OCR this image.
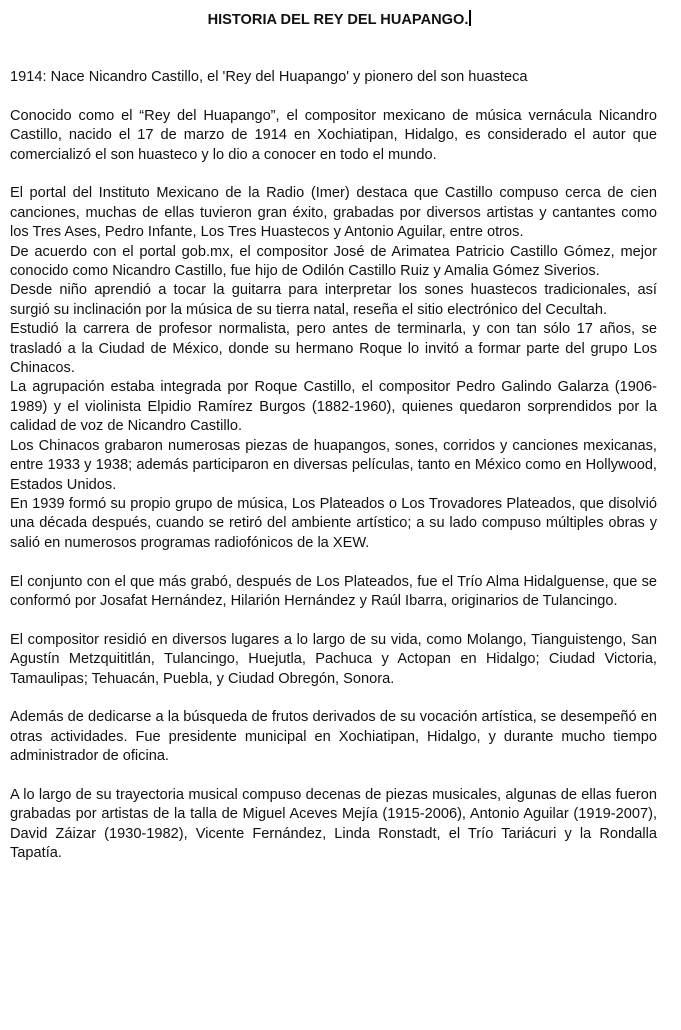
HISTORIA DEL REY DEL HUAPANGO.

1914: Nace Nicandro Castillo, el 'Rey del Huapango' y pionero del son huasteca

Conocido como el “Rey del Huapango”, el compositor mexicano de música vernácula Nicandro Castillo, nacido el 17 de marzo de 1914 en Xochiatipan, Hidalgo, es considerado el autor que comercializó el son huasteco y lo dio a conocer en todo el mundo.

El portal del Instituto Mexicano de la Radio (Imer) destaca que Castillo compuso cerca de cien canciones, muchas de ellas tuvieron gran éxito, grabadas por diversos artistas y cantantes como los Tres Ases, Pedro Infante, Los Tres Huastecos y Antonio Aguilar, entre otros.

De acuerdo con el portal gob.mx, el compositor José de Arimatea Patricio Castillo Gómez, mejor conocido como Nicandro Castillo, fue hijo de Odilón Castillo Ruiz y Amalia Gómez Siverios.

Desde niño aprendió a tocar la guitarra para interpretar los sones huastecos tradicionales, así surgió su inclinación por la música de su tierra natal, reseña el sitio electrónico del Cecultah.

Estudió la carrera de profesor normalista, pero antes de terminarla, y con tan sólo 17 años, se trasladó a la Ciudad de México, donde su hermano Roque lo invitó a formar parte del grupo Los Chinacos.

La agrupación estaba integrada por Roque Castillo, el compositor Pedro Galindo Galarza (1906-1989) y el violinista Elpidio Ramírez Burgos (1882-1960), quienes quedaron sorprendidos por la calidad de voz de Nicandro Castillo.

Los Chinacos grabaron numerosas piezas de huapangos, sones, corridos y canciones mexicanas, entre 1933 y 1938; además participaron en diversas películas, tanto en México como en Hollywood, Estados Unidos.

En 1939 formó su propio grupo de música, Los Plateados o Los Trovadores Plateados, que disolvió una década después, cuando se retiró del ambiente artístico; a su lado compuso múltiples obras y salió en numerosos programas radiofónicos de la XEW.

El conjunto con el que más grabó, después de Los Plateados, fue el Trío Alma Hidalguense, que se conformó por Josafat Hernández, Hilarión Hernández y Raúl Ibarra, originarios de Tulancingo.

El compositor residió en diversos lugares a lo largo de su vida, como Molango, Tianguistengo, San Agustín Metzquititlán, Tulancingo, Huejutla, Pachuca y Actopan en Hidalgo; Ciudad Victoria, Tamaulipas; Tehuacán, Puebla, y Ciudad Obregón, Sonora.

Además de dedicarse a la búsqueda de frutos derivados de su vocación artística, se desempeñó en otras actividades. Fue presidente municipal en Xochiatipan, Hidalgo, y durante mucho tiempo administrador de oficina.

A lo largo de su trayectoria musical compuso decenas de piezas musicales, algunas de ellas fueron grabadas por artistas de la talla de Miguel Aceves Mejía (1915-2006), Antonio Aguilar (1919-2007), David Záizar (1930-1982), Vicente Fernández, Linda Ronstadt, el Trío Tariácuri y la Rondalla Tapatía.
